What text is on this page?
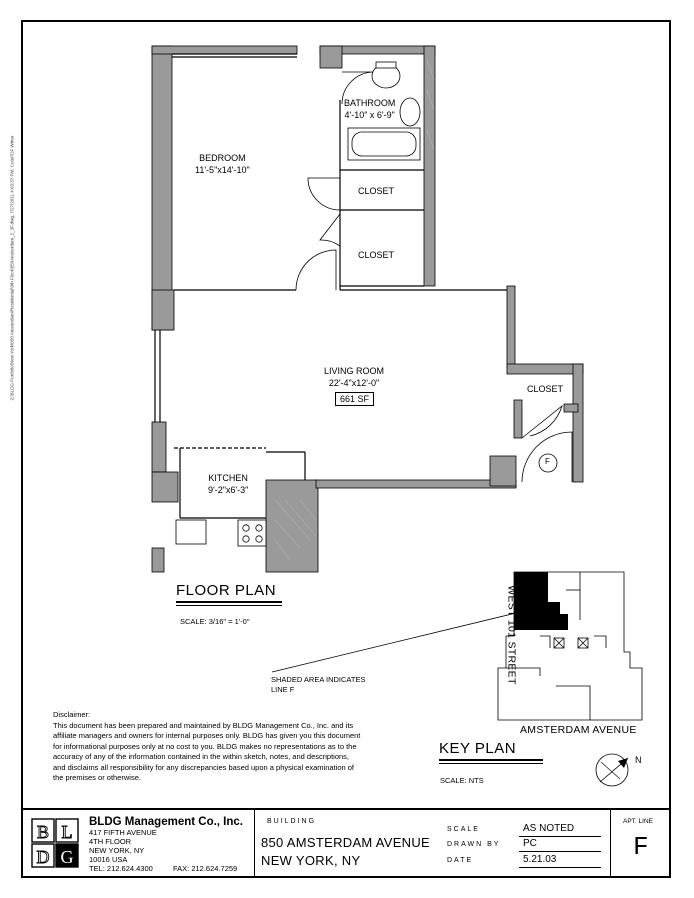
Z:\BLDG Portfolio\New York\850 Amsterdam\Residential\9th Floor\850Amsterdam_2_3F.dwg, 7/27/2011 4:03:37 PM, CutePDF Writer
BATHROOM
4'-10" x 6'-9"
BEDROOM
11'-5"x14'-10"
CLOSET
CLOSET
CLOSET
LIVING ROOM
22'-4"x12'-0"
661 SF
KITCHEN
9'-2"x6'-3"
F
FLOOR PLAN
SCALE: 3/16" = 1'-0"	WEST 101 STREET
AMSTERDAM AVENUE
SHADED AREA INDICATES
LINE F
KEY PLAN
SCALE: NTS
N
Disclaimer:
This document has been prepared and maintained by BLDG Management Co., Inc. and its affiliate managers and owners for internal purposes only. BLDG has given you this document for informational purposes only at no cost to you. BLDG makes no representations as to the accuracy of any of the information contained in the within sketch, notes, and descriptions, and disclaims all responsibility for any discrepancies based upon a physical examination of the premises or otherwise.
B L
D G
BLDG Management Co., Inc.
417 FIFTH AVENUE
4TH FLOOR
NEW YORK, NY
10016 USA
TEL: 212.624.4300	FAX: 212.624.7259
BUILDING
850 AMSTERDAM AVENUE
NEW YORK, NY
SCALE	AS NOTED
DRAWN BY PC
DATE	5.21.03
APT. LINE
F
